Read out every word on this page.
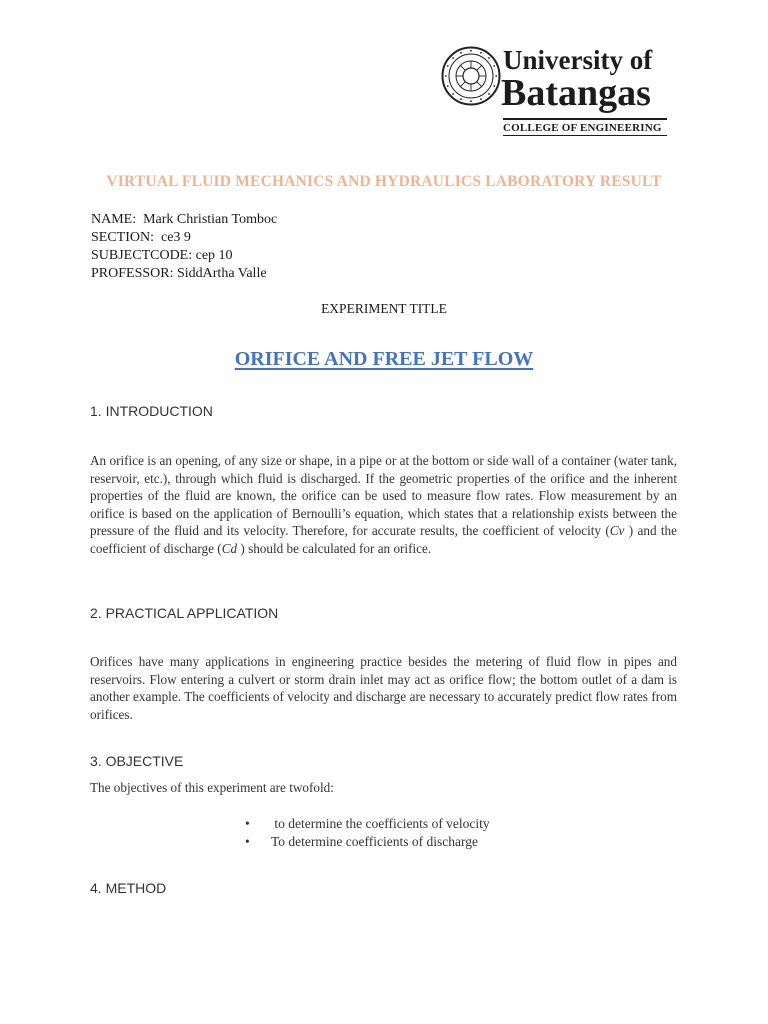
University of
Batangas
COLLEGE OF ENGINEERING
VIRTUAL FLUID MECHANICS AND HYDRAULICS LABORATORY RESULT
NAME:  Mark Christian Tomboc
SECTION:  ce3 9
SUBJECTCODE: cep 10
PROFESSOR: SiddArtha Valle
EXPERIMENT TITLE
ORIFICE AND FREE JET FLOW
1. INTRODUCTION
An orifice is an opening, of any size or shape, in a pipe or at the bottom or side wall of a container (water tank, reservoir, etc.), through which fluid is discharged. If the geometric properties of the orifice and the inherent properties of the fluid are known, the orifice can be used to measure flow rates. Flow measurement by an orifice is based on the application of Bernoulli’s equation, which states that a relationship exists between the pressure of the fluid and its velocity. Therefore, for accurate results, the coefficient of velocity (Cv ) and the coefficient of discharge (Cd ) should be calculated for an orifice.
2. PRACTICAL APPLICATION
Orifices have many applications in engineering practice besides the metering of fluid flow in pipes and reservoirs. Flow entering a culvert or storm drain inlet may act as orifice flow; the bottom outlet of a dam is another example. The coefficients of velocity and discharge are necessary to accurately predict flow rates from orifices.
3. OBJECTIVE
The objectives of this experiment are twofold:
•	to determine the coefficients of velocity
•	To determine coefficients of discharge
4. METHOD
